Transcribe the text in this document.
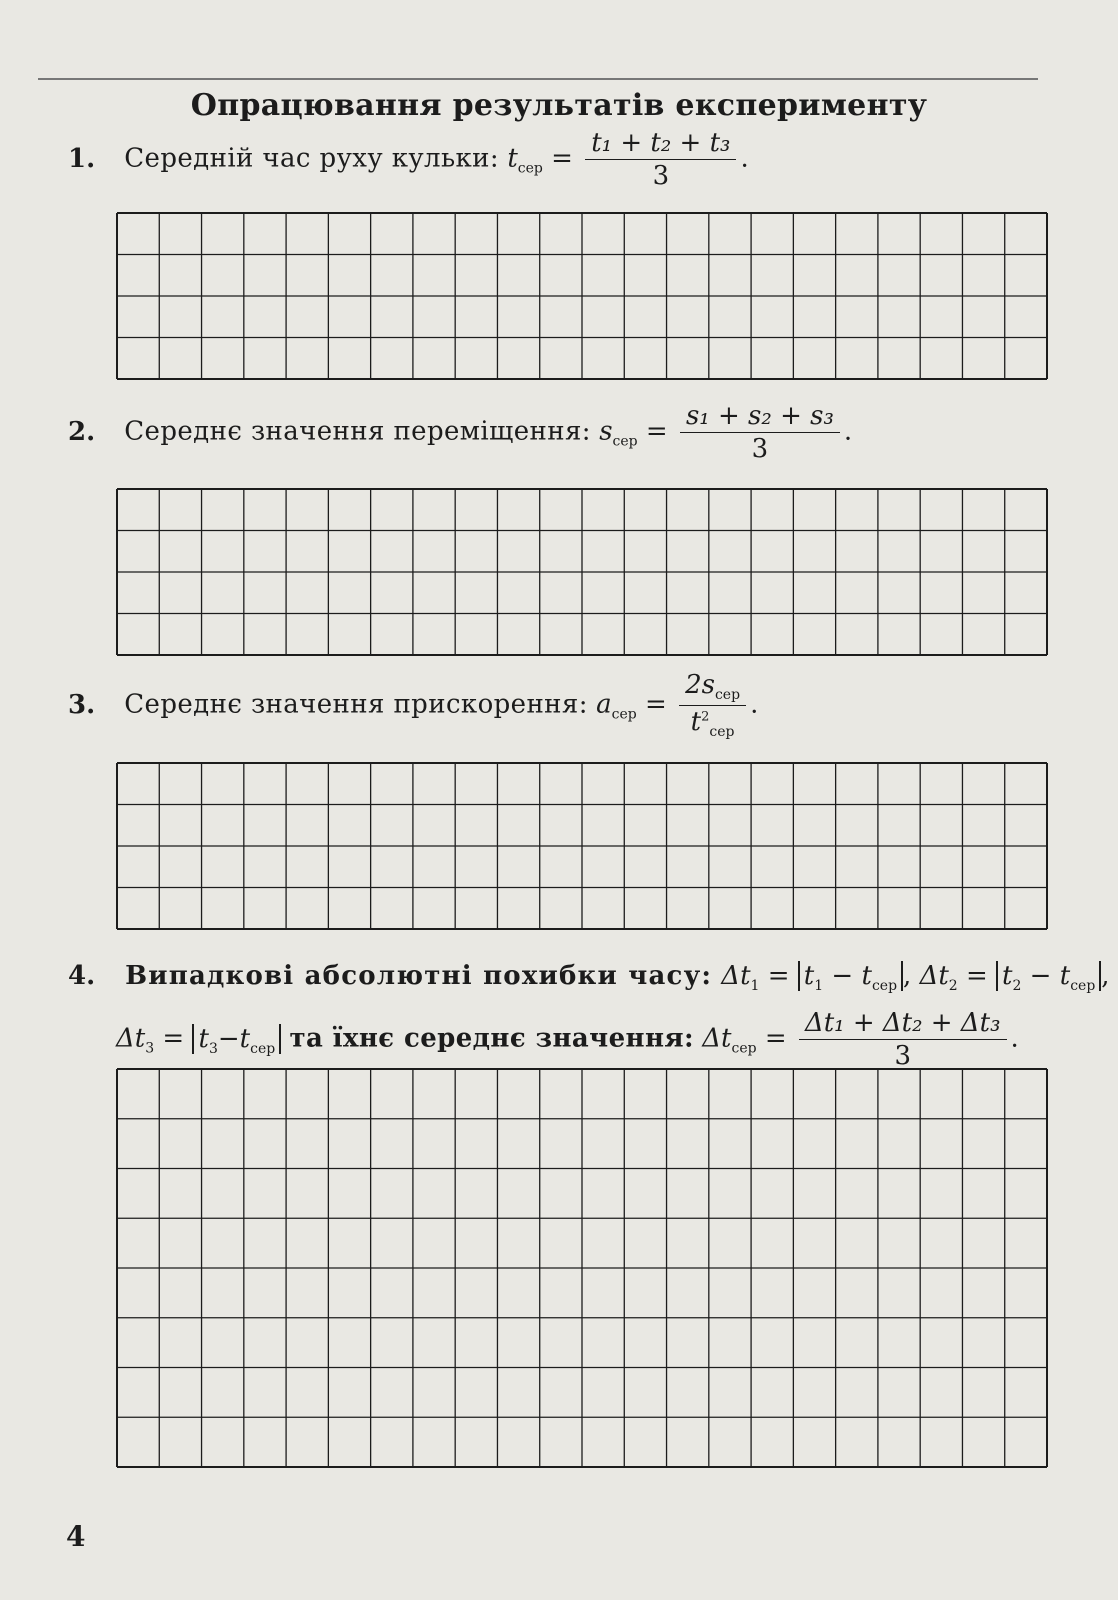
Опрацювання результатів експерименту
1. Середній час руху кульки: $t_{сер} = \frac{\text{t₁ + t₂ + t₃}}{3}$ .
2. Середнє значення переміщення: $s_{сер} = \frac{\text{s₁ + s₂ + s₃}}{3}$ .
3. Середнє значення прискорення: $a_{сер} = \frac{2s_{сер}}{t^2_{сер}}$ .
4. Випадкові абсолютні похибки часу: $\Delta t_1 = t_1 - t_{сер}$ , $\Delta t_2 = t_2 - t_{сер}$ ,
$\Delta t_3 = t_3-t_{сер}$ та їхнє середнє значення: $\Delta t_{сер} = \frac{\text{Δt₁ + Δt₂ + Δt₃}}{3}$ .
4
